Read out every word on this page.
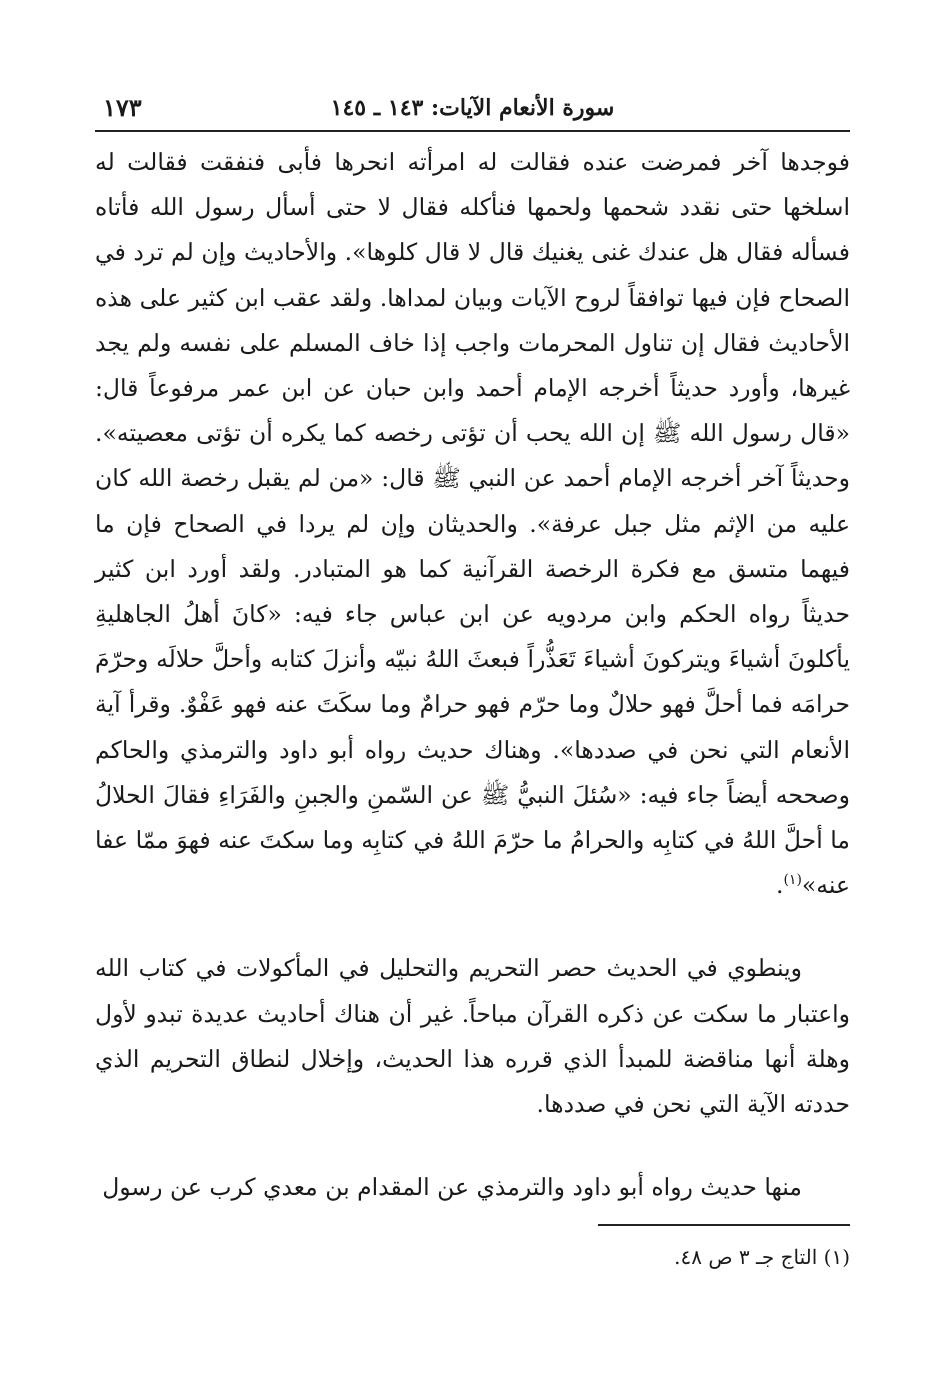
سورة الأنعام الآيات: ١٤٣ ـ ١٤٥
١٧٣

فوجدها آخر فمرضت عنده فقالت له امرأته انحرها فأبى فنفقت فقالت له اسلخها حتى نقدد شحمها ولحمها فنأكله فقال لا حتى أسأل رسول الله فأتاه فسأله فقال هل عندك غنى يغنيك قال لا قال كلوها». والأحاديث وإن لم ترد في الصحاح فإن فيها توافقاً لروح الآيات وبيان لمداها. ولقد عقب ابن كثير على هذه الأحاديث فقال إن تناول المحرمات واجب إذا خاف المسلم على نفسه ولم يجد غيرها، وأورد حديثاً أخرجه الإمام أحمد وابن حبان عن ابن عمر مرفوعاً قال: «قال رسول الله ﷺ إن الله يحب أن تؤتى رخصه كما يكره أن تؤتى معصيته». وحديثاً آخر أخرجه الإمام أحمد عن النبي ﷺ قال: «من لم يقبل رخصة الله كان عليه من الإثم مثل جبل عرفة». والحديثان وإن لم يردا في الصحاح فإن ما فيهما متسق مع فكرة الرخصة القرآنية كما هو المتبادر. ولقد أورد ابن كثير حديثاً رواه الحكم وابن مردويه عن ابن عباس جاء فيه: «كانَ أهلُ الجاهليةِ يأكلونَ أشياءَ ويتركونَ أشياءَ تَعَذُّراً فبعثَ اللهُ نبيّه وأنزلَ كتابه وأحلَّ حلالَه وحرّمَ حرامَه فما أحلَّ فهو حلالٌ وما حرّم فهو حرامٌ وما سكَتَ عنه فهو عَفْوٌ. وقرأ آية الأنعام التي نحن في صددها». وهناك حديث رواه أبو داود والترمذي والحاكم وصححه أيضاً جاء فيه: «سُئلَ النبيُّ ﷺ عن السّمنِ والجبنِ والفَرَاءِ فقالَ الحلالُ ما أحلَّ اللهُ في كتابِه والحرامُ ما حرّمَ اللهُ في كتابِه وما سكتَ عنه فهوَ ممّا عفا عنه»$^{(١)}$.

وينطوي في الحديث حصر التحريم والتحليل في المأكولات في كتاب الله واعتبار ما سكت عن ذكره القرآن مباحاً. غير أن هناك أحاديث عديدة تبدو لأول وهلة أنها مناقضة للمبدأ الذي قرره هذا الحديث، وإخلال لنطاق التحريم الذي حددته الآية التي نحن في صددها.

منها حديث رواه أبو داود والترمذي عن المقدام بن معدي كرب عن رسول

(١) التاج جـ ٣ ص ٤٨.
